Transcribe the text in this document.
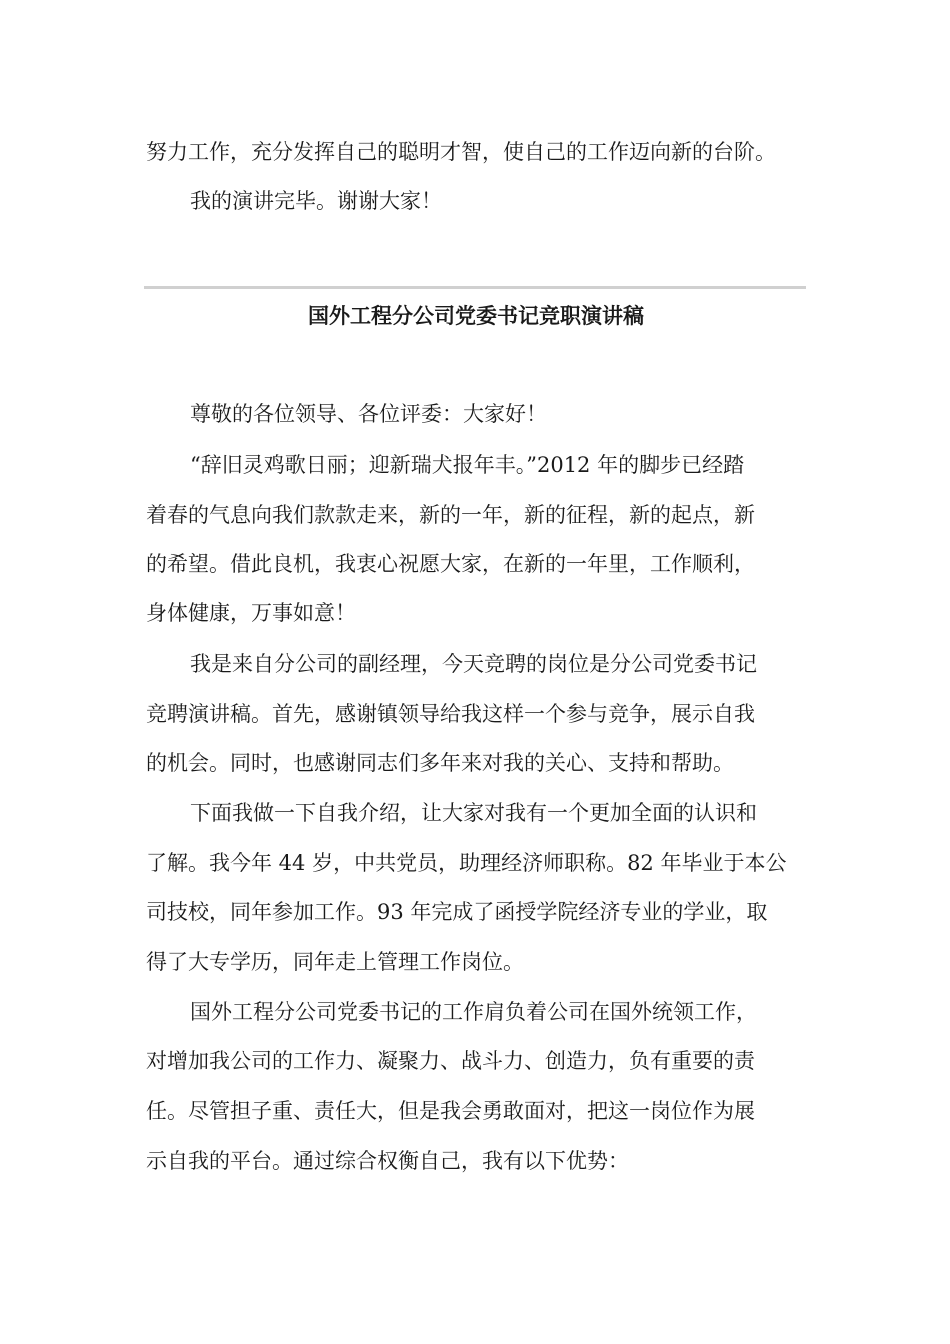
努力工作，充分发挥自己的聪明才智，使自己的工作迈向新的台阶。
我的演讲完毕。谢谢大家！
国外工程分公司党委书记竞职演讲稿
尊敬的各位领导、各位评委：大家好！
“辞旧灵鸡歌日丽；迎新瑞犬报年丰。”2012 年的脚步已经踏
着春的气息向我们款款走来，新的一年，新的征程，新的起点，新
的希望。借此良机，我衷心祝愿大家，在新的一年里，工作顺利，
身体健康，万事如意！
我是来自分公司的副经理，今天竞聘的岗位是分公司党委书记
竞聘演讲稿。首先，感谢镇领导给我这样一个参与竞争，展示自我
的机会。同时，也感谢同志们多年来对我的关心、支持和帮助。
下面我做一下自我介绍，让大家对我有一个更加全面的认识和
了解。我今年 44 岁，中共党员，助理经济师职称。82 年毕业于本公
司技校，同年参加工作。93 年完成了函授学院经济专业的学业，取
得了大专学历，同年走上管理工作岗位。
国外工程分公司党委书记的工作肩负着公司在国外统领工作，
对增加我公司的工作力、凝聚力、战斗力、创造力，负有重要的责
任。尽管担子重、责任大，但是我会勇敢面对，把这一岗位作为展
示自我的平台。通过综合权衡自己，我有以下优势：
